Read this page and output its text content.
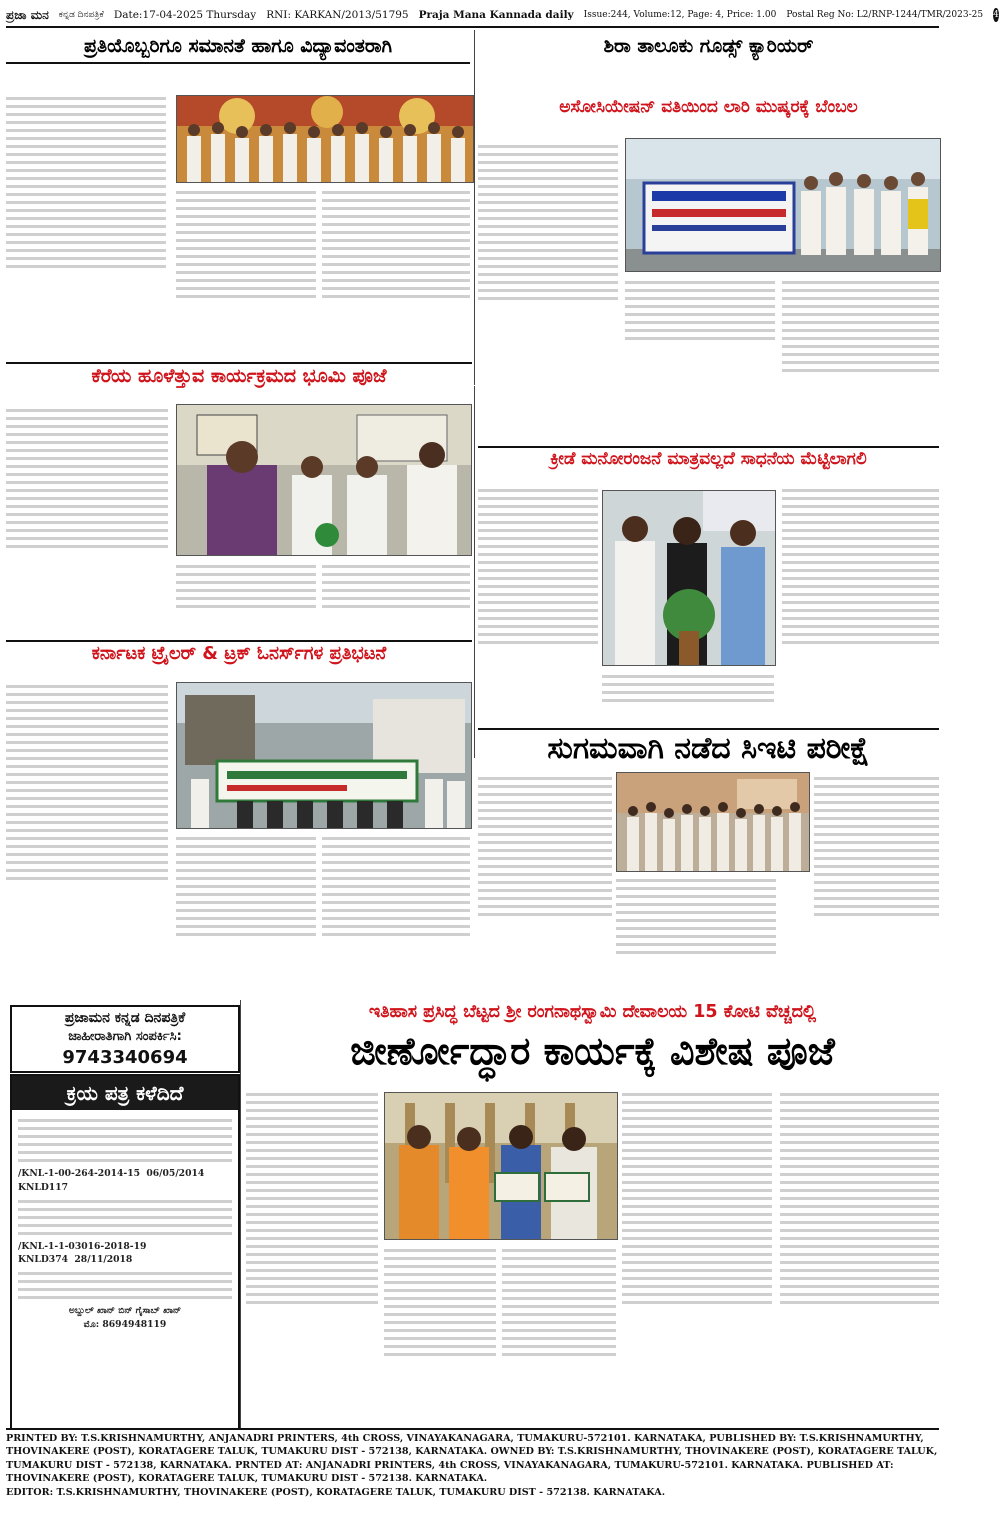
ಪ್ರಜಾ ಮನ ಕನ್ನಡ ದಿನಪತ್ರಿಕೆ Date:17-04-2025 Thursday RNI: KARKAN/2013/51795 Praja Mana Kannada daily Issue:244, Volume:12, Page: 4, Price: 1.00 Postal Reg No: L2/RNP-1244/TMR/2023-25 4
ಪ್ರತಿಯೊಬ್ಬರಿಗೂ ಸಮಾನತೆ ಹಾಗೂ ವಿದ್ಯಾವಂತರಾಗಿ	ಶಿರಾ ತಾಲೂಕು ಗೂಡ್ಸ್ ಕ್ಯಾರಿಯರ್
ಅಸೋಸಿಯೇಷನ್ ವತಿಯಿಂದ ಲಾರಿ ಮುಷ್ಕರಕ್ಕೆ ಬೆಂಬಲ
ಕೆರೆಯ ಹೂಳೆತ್ತುವ ಕಾರ್ಯಕ್ರಮದ ಭೂಮಿ ಪೂಜೆ
ಕ್ರೀಡೆ ಮನೋರಂಜನೆ ಮಾತ್ರವಲ್ಲದೆ ಸಾಧನೆಯ ಮೆಟ್ಟಿಲಾಗಲಿ
ಕರ್ನಾಟಕ ಟ್ರೈಲರ್ & ಟ್ರಕ್ ಓನರ್ಸ್‌ಗಳ ಪ್ರತಿಭಟನೆ
ಸುಗಮವಾಗಿ ನಡೆದ ಸಿಇಟಿ ಪರೀಕ್ಷೆ
ಪ್ರಜಾಮನ ಕನ್ನಡ ದಿನಪತ್ರಿಕೆ
ಜಾಹೀರಾತಿಗಾಗಿ ಸಂಪರ್ಕಿಸಿ:
9743340694
ಕ್ರಯ ಪತ್ರ ಕಳೆದಿದೆ
/KNL-1-00-264-2014-15 06/05/2014
KNLD117
/KNL-1-1-03016-2018-19
KNLD374 28/11/2018
ಅಬ್ದುಲ್ ಖಾನ್ ಬಿನ್ ಗೈಸಾಬ್ ಖಾನ್
ಮೊ: 8694948119
ಇತಿಹಾಸ ಪ್ರಸಿದ್ಧ ಬೆಟ್ಟದ ಶ್ರೀ ರಂಗನಾಥಸ್ವಾಮಿ ದೇವಾಲಯ 15 ಕೋಟಿ ವೆಚ್ಚದಲ್ಲಿ
ಜೀರ್ಣೋದ್ಧಾರ ಕಾರ್ಯಕ್ಕೆ ವಿಶೇಷ ಪೂಜೆ
PRINTED BY: T.S.KRISHNAMURTHY, ANJANADRI PRINTERS, 4th CROSS, VINAYAKANAGARA, TUMAKURU-572101. KARNATAKA, PUBLISHED BY: T.S.KRISHNAMURTHY, THOVINAKERE (POST), KORATAGERE TALUK, TUMAKURU DIST - 572138, KARNATAKA. OWNED BY: T.S.KRISHNAMURTHY, THOVINAKERE (POST), KORATAGERE TALUK, TUMAKURU DIST - 572138, KARNATAKA. PRNTED AT: ANJANADRI PRINTERS, 4th CROSS, VINAYAKANAGARA, TUMAKURU-572101. KARNATAKA. PUBLISHED AT: THOVINAKERE (POST), KORATAGERE TALUK, TUMAKURU DIST - 572138. KARNATAKA.
EDITOR: T.S.KRISHNAMURTHY, THOVINAKERE (POST), KORATAGERE TALUK, TUMAKURU DIST - 572138. KARNATAKA.
